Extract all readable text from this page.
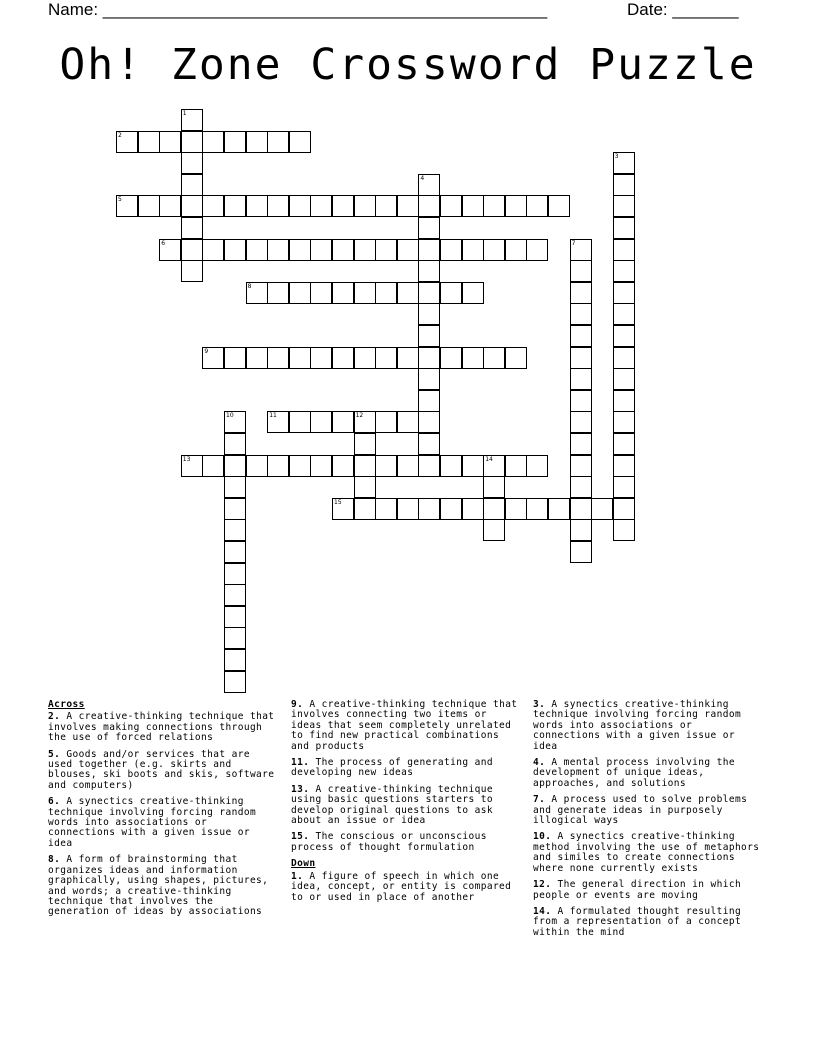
Name: _______________________________________________	Date: _______
Oh! Zone Crossword Puzzle
1
2
3
4
5
6	7
8
9
10	11	12
13	14
15
Across
2. A creative-thinking technique that involves making connections through the use of forced relations
5. Goods and/or services that are used together (e.g. skirts and blouses, ski boots and skis, software and computers)
6. A synectics creative-thinking technique involving forcing random words into associations or connections with a given issue or idea
8. A form of brainstorming that organizes ideas and information graphically, using shapes, pictures, and words; a creative-thinking technique that involves the generation of ideas by associations
9. A creative-thinking technique that involves connecting two items or ideas that seem completely unrelated to find new practical combinations and products
11. The process of generating and developing new ideas
13. A creative-thinking technique using basic questions starters to develop original questions to ask about an issue or idea
15. The conscious or unconscious process of thought formulation
Down
1. A figure of speech in which one idea, concept, or entity is compared to or used in place of another
3. A synectics creative-thinking technique involving forcing random words into associations or connections with a given issue or idea
4. A mental process involving the development of unique ideas, approaches, and solutions
7. A process used to solve problems and generate ideas in purposely illogical ways
10. A synectics creative-thinking method involving the use of metaphors and similes to create connections where none currently exists
12. The general direction in which people or events are moving
14. A formulated thought resulting from a representation of a concept within the mind
